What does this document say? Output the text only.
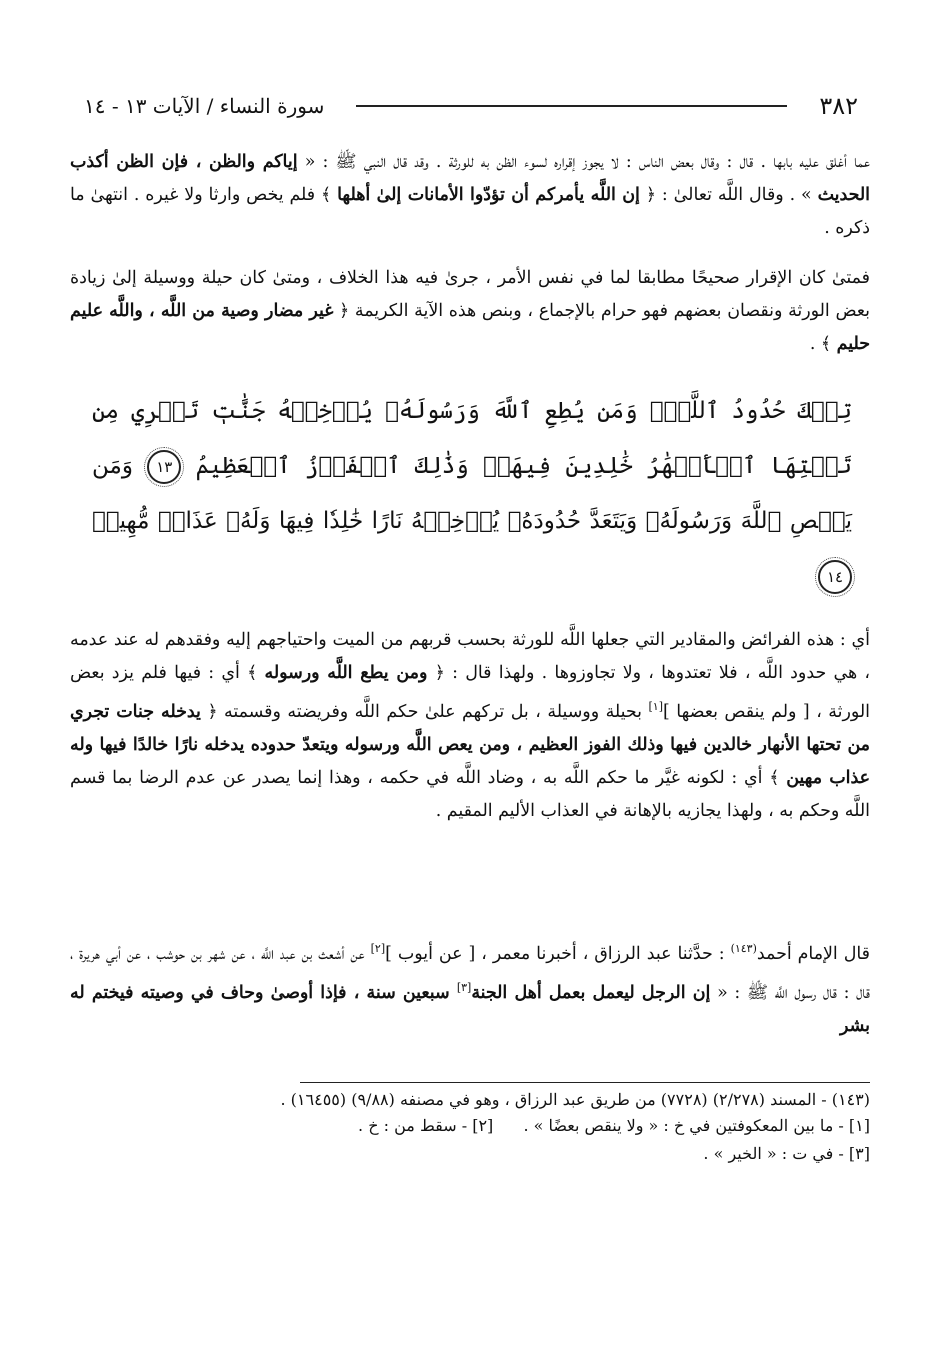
٣٨٢
سورة النساء / الآيات ١٣ - ١٤

عما أغلق عليه بابها . قال : وقال بعض الناس : لا يجوز إقراره لسوء الظن به للورثة . وقد قال النبي ﷺ : « إياكم والظن ، فإن الظن أكذب الحديث » . وقال اللَّه تعالىٰ : ﴿ إن اللَّه يأمركم أن تؤدّوا الأمانات إلىٰ أهلها ﴾ فلم يخص وارثا ولا غيره . انتهىٰ ما ذكره .

فمتىٰ كان الإقرار صحيحًا مطابقا لما في نفس الأمر ، جرىٰ فيه هذا الخلاف ، ومتىٰ كان حيلة ووسيلة إلىٰ زيادة بعض الورثة ونقصان بعضهم فهو حرام بالإجماع ، وبنص هذه الآية الكريمة ﴿ غير مضار وصية من اللَّه ، واللَّه عليم حليم ﴾ .

تِلۡكَ حُدُودُ ٱللَّهِۚ وَمَن يُطِعِ ٱللَّهَ وَرَسُولَهُۥ يُدۡخِلۡهُ جَنَّٰتٖ تَجۡرِي مِن تَحۡتِهَا ٱلۡأَنۡهَٰرُ خَٰلِدِينَ فِيهَاۚ وَذَٰلِكَ ٱلۡفَوۡزُ ٱلۡعَظِيمُ ١٣ وَمَن يَعۡصِ ٱللَّهَ وَرَسُولَهُۥ وَيَتَعَدَّ حُدُودَهُۥ يُدۡخِلۡهُ نَارًا خَٰلِدٗا فِيهَا وَلَهُۥ عَذَابٞ مُّهِينٞ ١٤

أي : هذه الفرائض والمقادير التي جعلها اللَّه للورثة بحسب قربهم من الميت واحتياجهم إليه وفقدهم له عند عدمه ، هي حدود اللَّه ، فلا تعتدوها ، ولا تجاوزوها . ولهذا قال : ﴿ ومن يطع اللَّه ورسوله ﴾ أي : فيها فلم يزد بعض الورثة ، [ ولم ينقص بعضها ][١] بحيلة ووسيلة ، بل تركهم علىٰ حكم اللَّه وفريضته وقسمته ﴿ يدخله جنات تجري من تحتها الأنهار خالدين فيها وذلك الفوز العظيم ، ومن يعص اللَّه ورسوله ويتعدّ حدوده يدخله نارًا خالدًا فيها وله عذاب مهين ﴾ أي : لكونه غيَّر ما حكم اللَّه به ، وضاد اللَّه في حكمه ، وهذا إنما يصدر عن عدم الرضا بما قسم اللَّه وحكم به ، ولهذا يجازيه بالإهانة في العذاب الأليم المقيم .

قال الإمام أحمد$^{(١٤٣)}$ : حدَّثنا عبد الرزاق ، أخبرنا معمر ، [ عن أيوب ][٢] عن أشعث بن عبد اللَّه ، عن شهر بن حوشب ، عن أبي هريرة ، قال : قال رسول اللَّه ﷺ : « إن الرجل ليعمل بعمل أهل الجنة[٣] سبعين سنة ، فإذا أوصىٰ وحاف في وصيته فيختم له بشر

(١٤٣) - المسند (٢/٢٧٨) (٧٧٢٨) من طريق عبد الرزاق ، وهو في مصنفه (٩/٨٨) (١٦٤٥٥) .

[١] - ما بين المعكوفتين في خ : « ولا ينقص بعضًا » .  [٢] - سقط من : خ .
[٣] - في ت : « الخير » .
